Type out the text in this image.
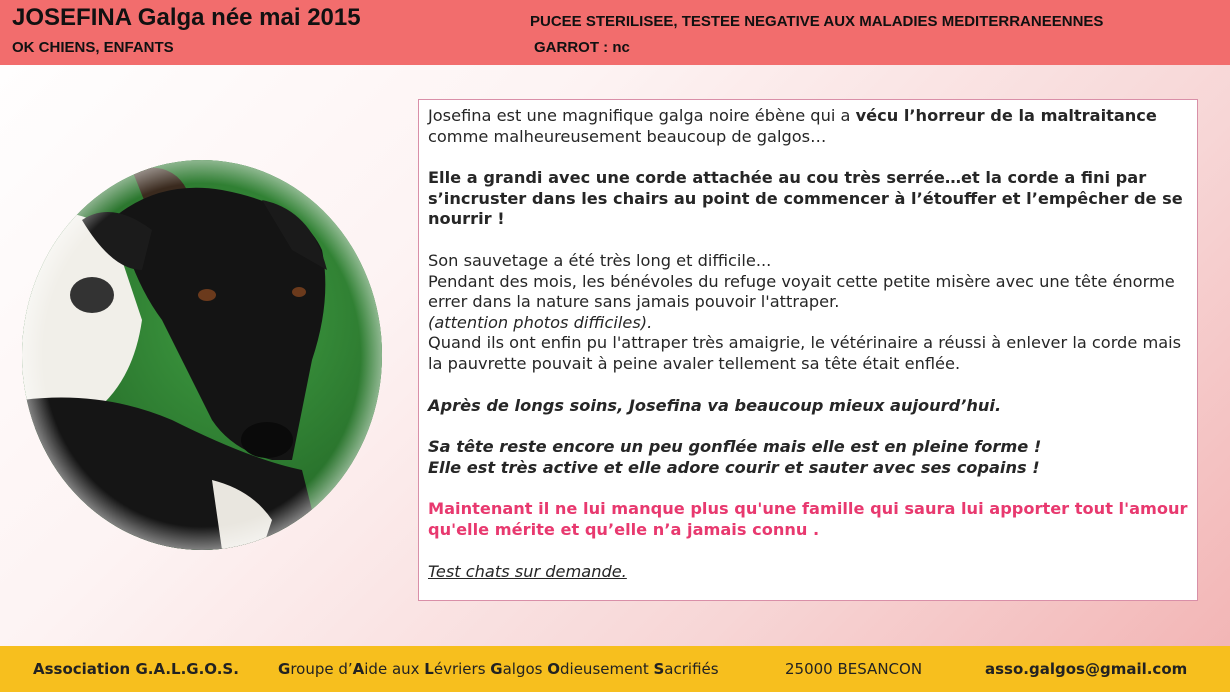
JOSEFINA Galga née mai 2015
OK CHIENS, ENFANTS
PUCEE STERILISEE, TESTEE NEGATIVE AUX MALADIES MEDITERRANEENNES
GARROT : nc

Josefina est une magnifique galga noire ébène qui a vécu l’horreur de la maltraitance comme malheureusement beaucoup de galgos…

Elle a grandi avec une corde attachée au cou très serrée…et la corde a fini par s’incruster dans les chairs au point de commencer à l’étouffer et l’empêcher de se nourrir !

Son sauvetage a été très long et difficile...

Pendant des mois, les bénévoles du refuge voyait cette petite misère avec une tête énorme errer dans la nature sans jamais pouvoir l'attraper.

(attention photos difficiles).

Quand ils ont enfin pu l'attraper très amaigrie, le vétérinaire a réussi à enlever la corde mais la pauvrette pouvait à peine avaler tellement sa tête était enflée.

Après de longs soins, Josefina va beaucoup mieux aujourd’hui.

Sa tête reste encore un peu gonflée mais elle est en pleine forme !

Elle est très active et elle adore courir et sauter avec ses copains !

Maintenant il ne lui manque plus qu'une famille qui saura lui apporter tout l'amour qu'elle mérite et qu’elle n’a jamais connu .

Test chats sur demande.

Association G.A.L.G.O.S.	Groupe d’Aide aux Lévriers Galgos Odieusement Sacrifiés	25000 BESANCON	asso.galgos@gmail.com
